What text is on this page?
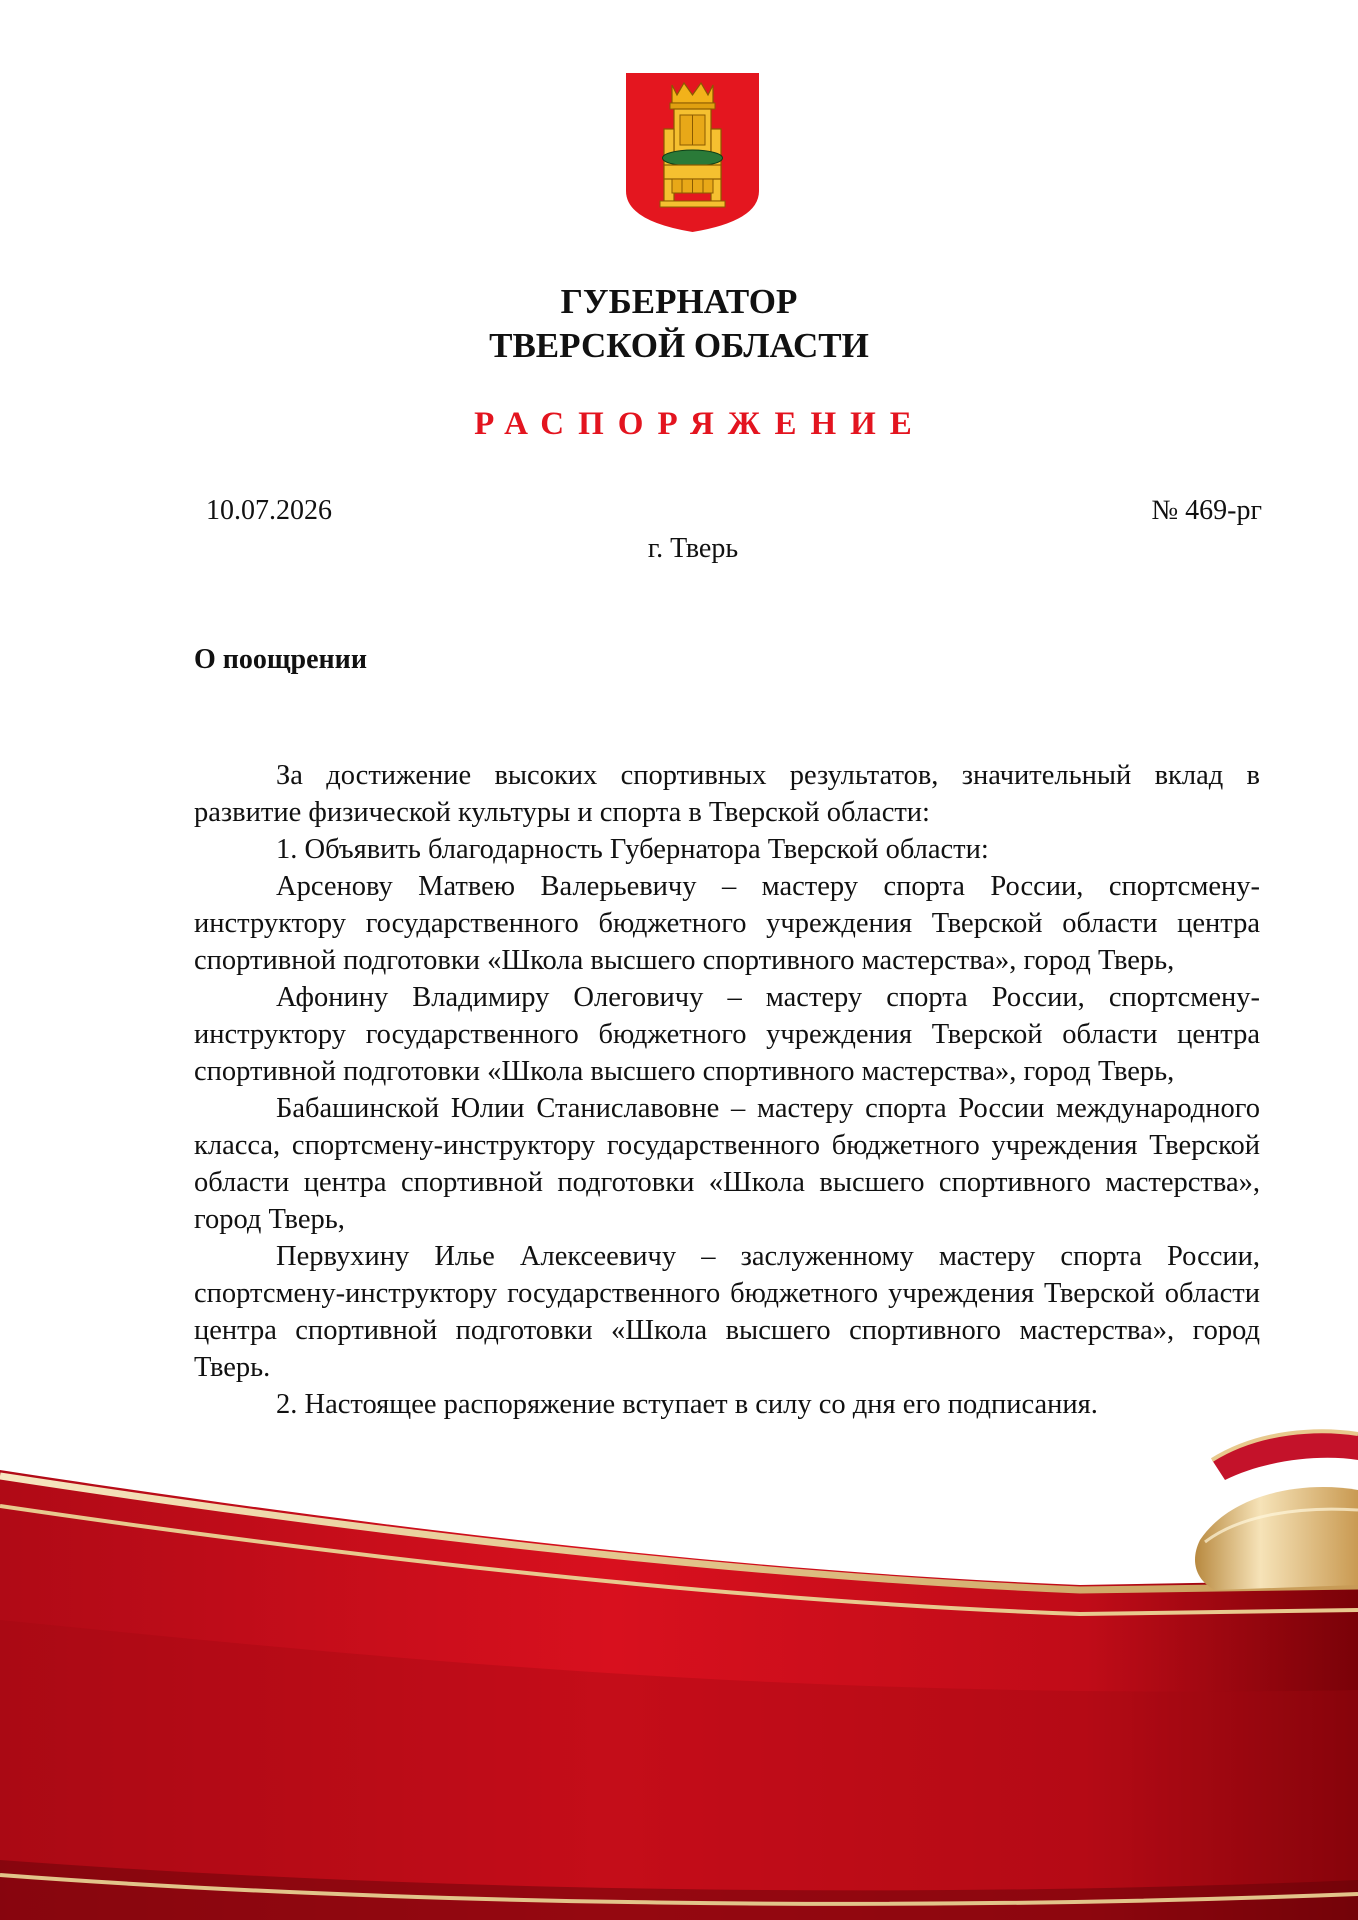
ГУБЕРНАТОР
ТВЕРСКОЙ ОБЛАСТИ
РАСПОРЯЖЕНИЕ
10.07.2026	№ 469-рг
г. Тверь
О поощрении

За достижение высоких спортивных результатов, значительный вклад в развитие физической культуры и спорта в Тверской области:

1. Объявить благодарность Губернатора Тверской области:

Арсенову Матвею Валерьевичу – мастеру спорта России, спортсмену-инструктору государственного бюджетного учреждения Тверской области центра спортивной подготовки «Школа высшего спортивного мастерства», город Тверь,

Афонину Владимиру Олеговичу – мастеру спорта России, спортсмену-инструктору государственного бюджетного учреждения Тверской области центра спортивной подготовки «Школа высшего спортивного мастерства», город Тверь,

Бабашинской Юлии Станиславовне – мастеру спорта России международного класса, спортсмену-инструктору государственного бюджетного учреждения Тверской области центра спортивной подготовки «Школа высшего спортивного мастерства», город Тверь,

Первухину Илье Алексеевичу – заслуженному мастеру спорта России, спортсмену-инструктору государственного бюджетного учреждения Тверской области центра спортивной подготовки «Школа высшего спортивного мастерства», город Тверь.

2. Настоящее распоряжение вступает в силу со дня его подписания.
